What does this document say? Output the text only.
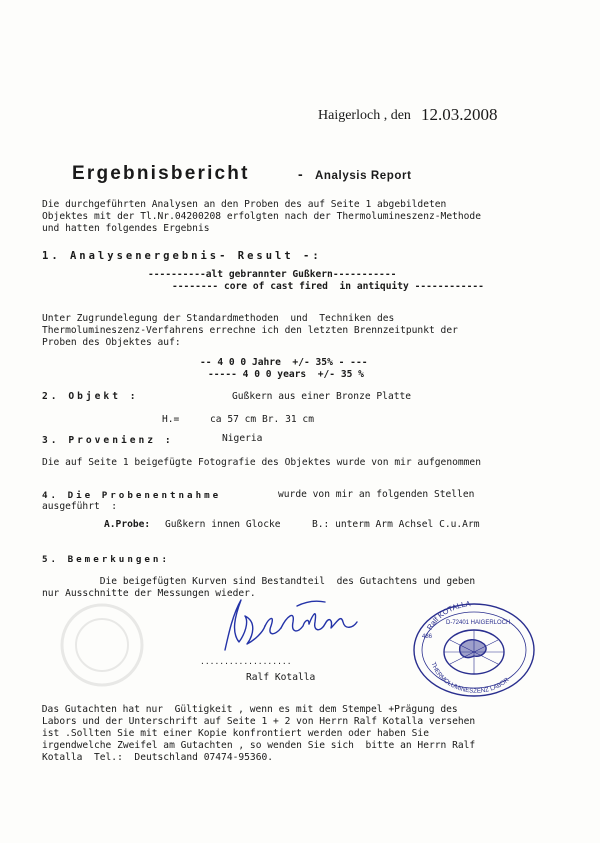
Haigerloch , den 12.03.2008
Ergebnisbericht	- Analysis Report
Die durchgeführten Analysen an den Proben des auf Seite 1 abgebildeten
Objektes mit der Tl.Nr.04200208 erfolgten nach der Thermolumineszenz-Methode
und hatten folgendes Ergebnis
1. Analysenergebnis- Result -:
----------alt gebrannter Gußkern-----------
-------- core of cast fired  in antiquity ------------
Unter Zugrundelegung der Standardmethoden  und  Techniken des
Thermolumineszenz-Verfahrens errechne ich den letzten Brennzeitpunkt der
Proben des Objektes auf:
-- 4 0 0 Jahre  +/- 35% - ---
----- 4 0 0 years  +/- 35 %
2. Objekt :	Gußkern aus einer Bronze Platte
H.=	ca 57 cm Br. 31 cm
3. Provenienz :	Nigeria
Die auf Seite 1 beigefügte Fotografie des Objektes wurde von mir aufgenommen
4. Die Probenentnahme	wurde von mir an folgenden Stellen
ausgeführt  :
A.Probe: Gußkern innen Glocke	B.: unterm Arm Achsel C.u.Arm
5. Bemerkungen:
Die beigefügten Kurven sind Bestandteil  des Gutachtens und geben
nur Ausschnitte der Messungen wieder.
...................
Ralf Kotalla
Ralf KOTALLA
D-72401 HAIGERLOCH
THERMOLUMINESZENZ LABOR
486
Das Gutachten hat nur  Gültigkeit , wenn es mit dem Stempel +Prägung des
Labors und der Unterschrift auf Seite 1 + 2 von Herrn Ralf Kotalla versehen
ist .Sollten Sie mit einer Kopie konfrontiert werden oder haben Sie
irgendwelche Zweifel am Gutachten , so wenden Sie sich  bitte an Herrn Ralf
Kotalla  Tel.:  Deutschland 07474-95360.
